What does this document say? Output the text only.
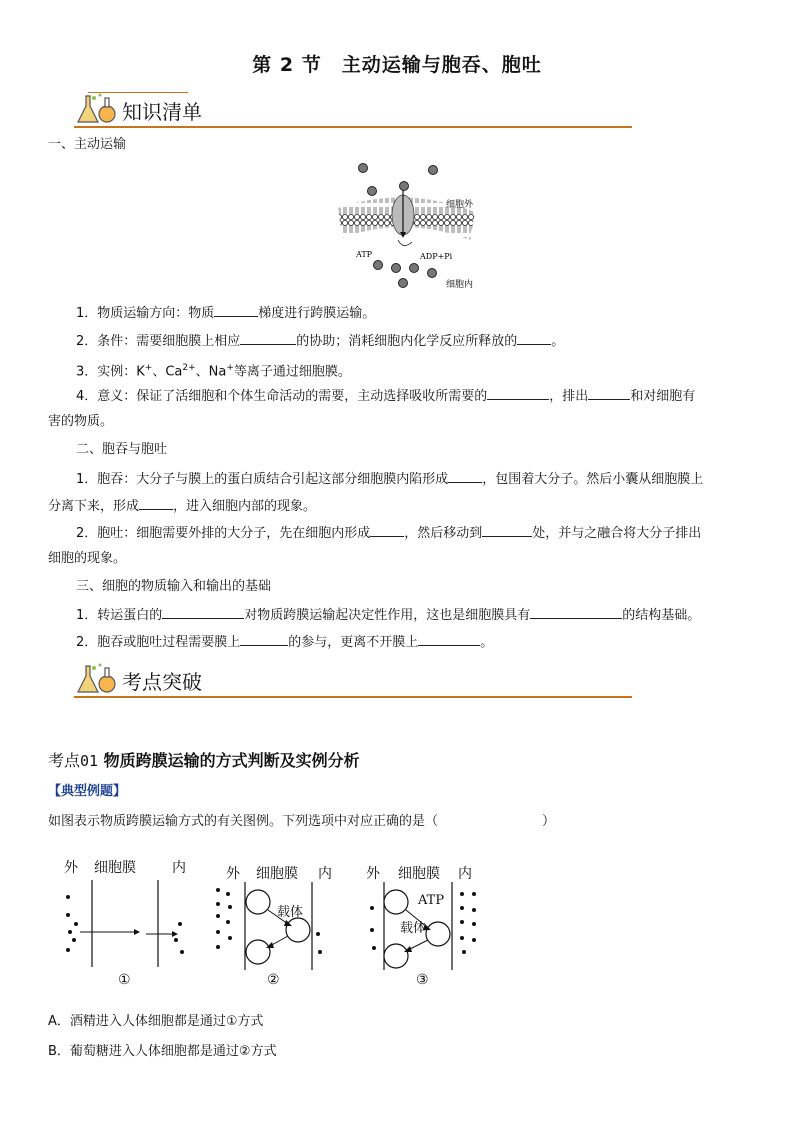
第 2 节　主动运输与胞吞、胞吐
知识清单
一、主动运输
细胞外
ATP	ADP+Pi
细胞内
1．物质运输方向：物质	梯度进行跨膜运输。
2．条件：需要细胞膜上相应	的协助；消耗细胞内化学反应所释放的	。
3．实例：K+、$Ca^{2+}$、Na+等离子通过细胞膜。
4．意义：保证了活细胞和个体生命活动的需要，主动选择吸收所需要的	，排出	和对细胞有
害的物质。
二、胞吞与胞吐
1．胞吞：大分子与膜上的蛋白质结合引起这部分细胞膜内陷形成	，包围着大分子。然后小囊从细胞膜上
分离下来，形成	，进入细胞内部的现象。
2．胞吐：细胞需要外排的大分子，先在细胞内形成	，然后移动到	处，并与之融合将大分子排出
细胞的现象。
三、细胞的物质输入和输出的基础
1．转运蛋白的	对物质跨膜运输起决定性作用，这也是细胞膜具有	的结构基础。
2．胞吞或胞吐过程需要膜上	的参与，更离不开膜上	。
考点突破
考点01 物质跨膜运输的方式判断及实例分析
【典型例题】
如图表示物质跨膜运输方式的有关图例。下列选项中对应正确的是（　　　　　　　　）
外 细胞膜	内
①
外 细胞膜 内
载体
②
外 细胞膜 内
ATP
载体
③
A．酒精进入人体细胞都是通过①方式
B．葡萄糖进入人体细胞都是通过②方式
